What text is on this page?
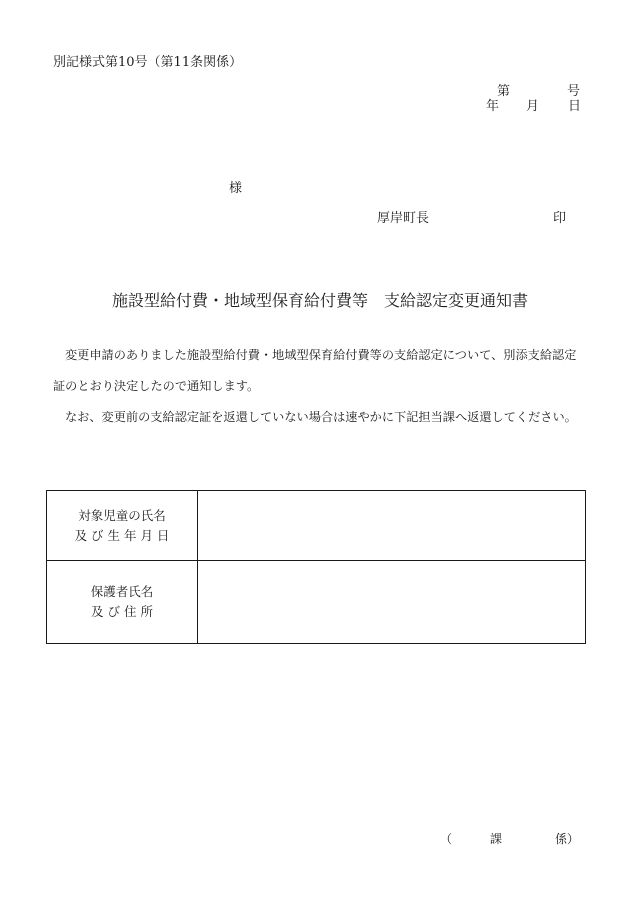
別記様式第10号（第11条関係）
第	号
年 月 日
様
厚岸町長	印
施設型給付費・地域型保育給付費等　支給認定変更通知書
変更申請のありました施設型給付費・地域型保育給付費等の支給認定について、別添支給認定
証のとおり決定したので通知します。
なお、変更前の支給認定証を返還していない場合は速やかに下記担当課へ返還してください。
対象児童の氏名
及 び 生 年 月 日	

保護者氏名
及 び 住 所	

（	課	係）
